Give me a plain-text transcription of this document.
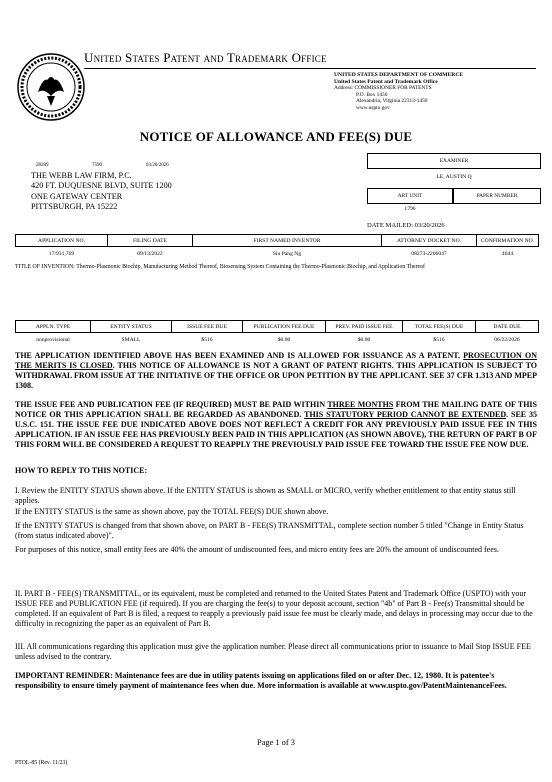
United States Patent and Trademark Office
UNITED STATES DEPARTMENT OF COMMERCE
United States Patent and Trademark Office
Address: COMMISSIONER FOR PATENTS
P.O. Box 1450
Alexandria, Virginia 22313-1450
www.uspto.gov
NOTICE OF ALLOWANCE AND FEE(S) DUE
28289	7590	03/20/2026
THE WEBB LAW FIRM, P.C.
420 FT. DUQUESNE BLVD, SUITE 1200
ONE GATEWAY CENTER
PITTSBURGH, PA 15222
EXAMINER
LE, AUSTIN Q
ART UNIT	PAPER NUMBER
1796
DATE MAILED: 03/20/2026
APPLICATION NO.	FILING DATE	FIRST NAMED INVENTOR	ATTORNEY DOCKET NO.	CONFIRMATION NO.
17/931,769	09/13/2022	Siu Pang Ng	08273-2206047	4644
TITLE OF INVENTION: Thermo-Plasmonic Biochip, Manufacturing Method Thereof, Biosensing System Containing the Thermo-Plasmonic Biochip, and Application Thereof
APPLN. TYPE	ENTITY STATUS	ISSUE FEE DUE	PUBLICATION FEE DUE	PREV. PAID ISSUE FEE	TOTAL FEE(S) DUE	DATE DUE
nonprovisional	SMALL	$516	$0.00	$0.00	$516	06/22/2026
THE APPLICATION IDENTIFIED ABOVE HAS BEEN EXAMINED AND IS ALLOWED FOR ISSUANCE AS A PATENT. PROSECUTION ON THE MERITS IS CLOSED. THIS NOTICE OF ALLOWANCE IS NOT A GRANT OF PATENT RIGHTS. THIS APPLICATION IS SUBJECT TO WITHDRAWAL FROM ISSUE AT THE INITIATIVE OF THE OFFICE OR UPON PETITION BY THE APPLICANT. SEE 37 CFR 1.313 AND MPEP 1308.
THE ISSUE FEE AND PUBLICATION FEE (IF REQUIRED) MUST BE PAID WITHIN THREE MONTHS FROM THE MAILING DATE OF THIS NOTICE OR THIS APPLICATION SHALL BE REGARDED AS ABANDONED. THIS STATUTORY PERIOD CANNOT BE EXTENDED. SEE 35 U.S.C. 151. THE ISSUE FEE DUE INDICATED ABOVE DOES NOT REFLECT A CREDIT FOR ANY PREVIOUSLY PAID ISSUE FEE IN THIS APPLICATION. IF AN ISSUE FEE HAS PREVIOUSLY BEEN PAID IN THIS APPLICATION (AS SHOWN ABOVE), THE RETURN OF PART B OF THIS FORM WILL BE CONSIDERED A REQUEST TO REAPPLY THE PREVIOUSLY PAID ISSUE FEE TOWARD THE ISSUE FEE NOW DUE.
HOW TO REPLY TO THIS NOTICE:
I. Review the ENTITY STATUS shown above. If the ENTITY STATUS is shown as SMALL or MICRO, verify whether entitlement to that entity status still applies.
If the ENTITY STATUS is the same as shown above, pay the TOTAL FEE(S) DUE shown above.
If the ENTITY STATUS is changed from that shown above, on PART B - FEE(S) TRANSMITTAL, complete section number 5 titled "Change in Entity Status (from status indicated above)".
For purposes of this notice, small entity fees are 40% the amount of undiscounted fees, and micro entity fees are 20% the amount of undiscounted fees.
II. PART B - FEE(S) TRANSMITTAL, or its equivalent, must be completed and returned to the United States Patent and Trademark Office (USPTO) with your ISSUE FEE and PUBLICATION FEE (if required). If you are charging the fee(s) to your deposit account, section "4b" of Part B - Fee(s) Transmittal should be completed. If an equivalent of Part B is filed, a request to reapply a previously paid issue fee must be clearly made, and delays in processing may occur due to the difficulty in recognizing the paper as an equivalent of Part B.
III. All communications regarding this application must give the application number. Please direct all communications prior to issuance to Mail Stop ISSUE FEE unless advised to the contrary.
IMPORTANT REMINDER: Maintenance fees are due in utility patents issuing on applications filed on or after Dec. 12, 1980. It is patentee's responsibility to ensure timely payment of maintenance fees when due. More information is available at www.uspto.gov/PatentMaintenanceFees.
Page 1 of 3
PTOL-85 (Rev. 11/23)
